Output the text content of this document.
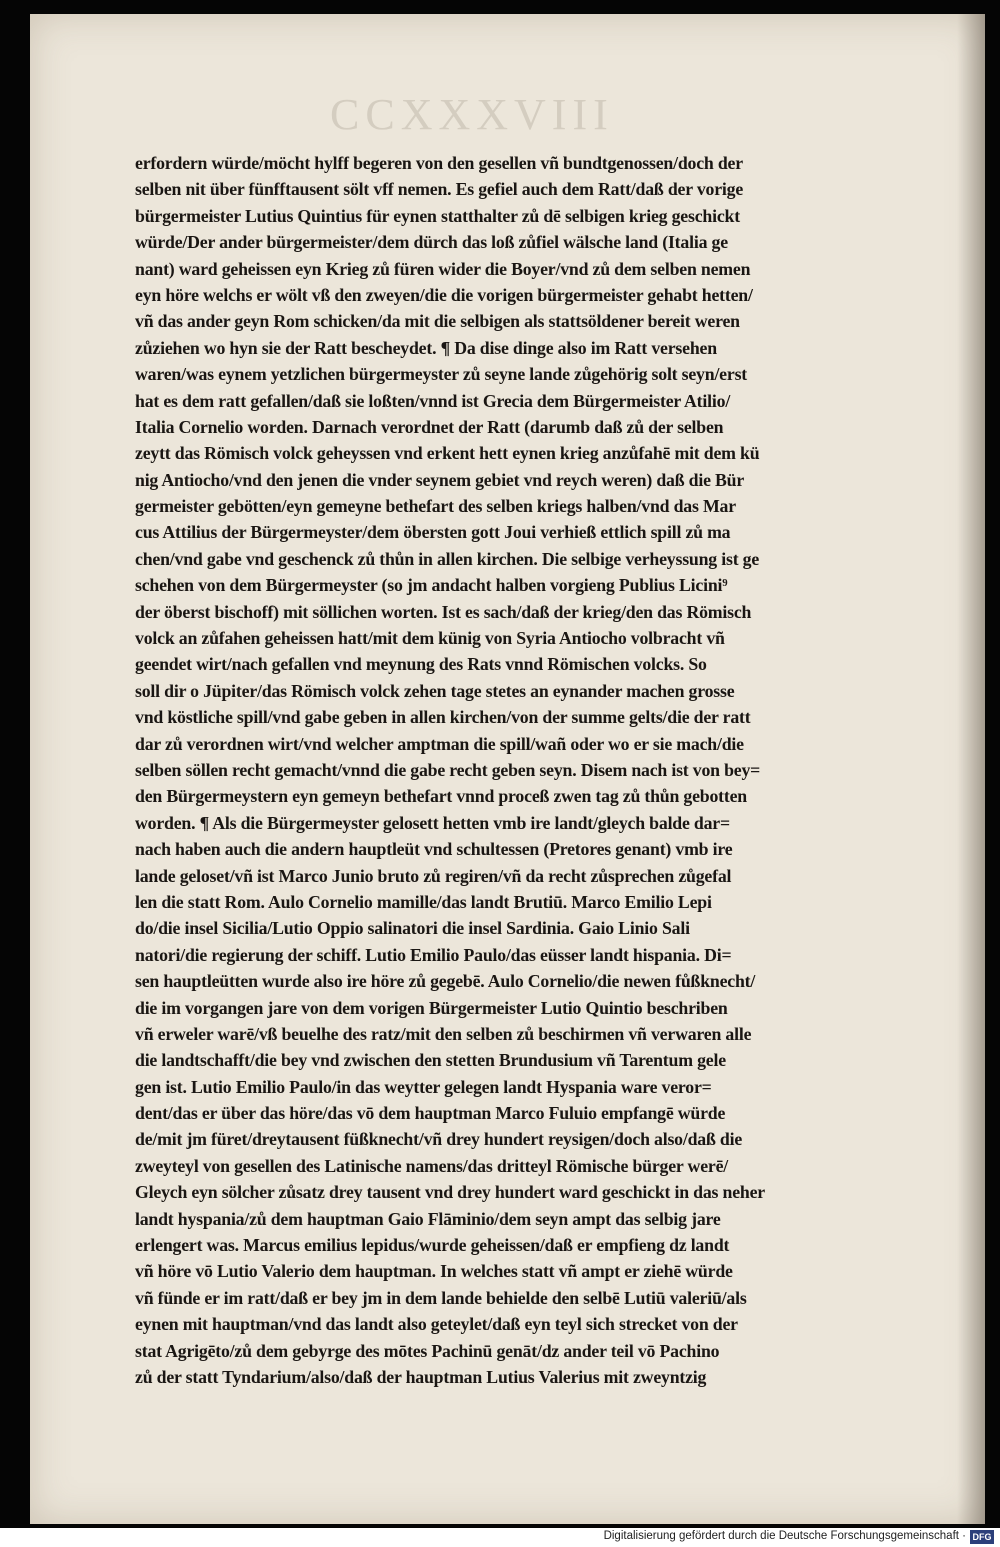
CCXXXVIII
erfordern würde/möcht hylff begeren von den gesellen vñ bundtgenossen/doch der
selben nit über fünfftausent sölt vff nemen. Es gefiel auch dem Ratt/daß der vorige
bürgermeister Lutius Quintius für eynen statthalter zů dē selbigen krieg geschickt
würde/Der ander bürgermeister/dem dürch das loß zůfiel wälsche land (Italia ge
nant) ward geheissen eyn Krieg zů füren wider die Boyer/vnd zů dem selben nemen
eyn höre welchs er wölt vß den zweyen/die die vorigen bürgermeister gehabt hetten/
vñ das ander geyn Rom schicken/da mit die selbigen als stattsöldener bereit weren
zůziehen wo hyn sie der Ratt bescheydet. ¶ Da dise dinge also im Ratt versehen
waren/was eynem yetzlichen bürgermeyster zů seyne lande zůgehörig solt seyn/erst
hat es dem ratt gefallen/daß sie loßten/vnnd ist Grecia dem Bürgermeister Atilio/
Italia Cornelio worden. Darnach verordnet der Ratt (darumb daß zů der selben
zeytt das Römisch volck geheyssen vnd erkent hett eynen krieg anzůfahē mit dem kü
nig Antiocho/vnd den jenen die vnder seynem gebiet vnd reych weren) daß die Bür
germeister gebötten/eyn gemeyne bethefart des selben kriegs halben/vnd das Mar
cus Attilius der Bürgermeyster/dem öbersten gott Joui verhieß ettlich spill zů ma
chen/vnd gabe vnd geschenck zů thůn in allen kirchen. Die selbige verheyssung ist ge
schehen von dem Bürgermeyster (so jm andacht halben vorgieng Publius Licini⁹
der öberst bischoff) mit söllichen worten. Ist es sach/daß der krieg/den das Römisch
volck an zůfahen geheissen hatt/mit dem künig von Syria Antiocho volbracht vñ
geendet wirt/nach gefallen vnd meynung des Rats vnnd Römischen volcks. So
soll dir o Jüpiter/das Römisch volck zehen tage stetes an eynander machen grosse
vnd köstliche spill/vnd gabe geben in allen kirchen/von der summe gelts/die der ratt
dar zů verordnen wirt/vnd welcher amptman die spill/wañ oder wo er sie mach/die
selben söllen recht gemacht/vnnd die gabe recht geben seyn. Disem nach ist von bey=
den Bürgermeystern eyn gemeyn bethefart vnnd proceß zwen tag zů thůn gebotten
worden. ¶ Als die Bürgermeyster gelosett hetten vmb ire landt/gleych balde dar=
nach haben auch die andern hauptleüt vnd schultessen (Pretores genant) vmb ire
lande geloset/vñ ist Marco Junio bruto zů regiren/vñ da recht zůsprechen zůgefal
len die statt Rom. Aulo Cornelio mamille/das landt Brutiū. Marco Emilio Lepi
do/die insel Sicilia/Lutio Oppio salinatori die insel Sardinia. Gaio Linio Sali
natori/die regierung der schiff. Lutio Emilio Paulo/das eüsser landt hispania. Di=
sen hauptleütten wurde also ire höre zů gegebē. Aulo Cornelio/die newen fůßknecht/
die im vorgangen jare von dem vorigen Bürgermeister Lutio Quintio beschriben
vñ erweler warē/vß beuelhe des ratz/mit den selben zů beschirmen vñ verwaren alle
die landtschafft/die bey vnd zwischen den stetten Brundusium vñ Tarentum gele
gen ist. Lutio Emilio Paulo/in das weytter gelegen landt Hyspania ware veror=
dent/das er über das höre/das vō dem hauptman Marco Fuluio empfangē würde
de/mit jm füret/dreytausent füßknecht/vñ drey hundert reysigen/doch also/daß die
zweyteyl von gesellen des Latinische namens/das dritteyl Römische bürger werē/
Gleych eyn sölcher zůsatz drey tausent vnd drey hundert ward geschickt in das neher
landt hyspania/zů dem hauptman Gaio Flāminio/dem seyn ampt das selbig jare
erlengert was. Marcus emilius lepidus/wurde geheissen/daß er empfieng dz landt
vñ höre vō Lutio Valerio dem hauptman. In welches statt vñ ampt er ziehē würde
vñ fünde er im ratt/daß er bey jm in dem lande behielde den selbē Lutiū valeriū/als
eynen mit hauptman/vnd das landt also geteylet/daß eyn teyl sich strecket von der
stat Agrigēto/zů dem gebyrge des mōtes Pachinū genāt/dz ander teil vō Pachino
zů der statt Tyndarium/also/daß der hauptman Lutius Valerius mit zweyntzig
Digitalisierung gefördert durch die Deutsche Forschungsgemeinschaft · DFG
